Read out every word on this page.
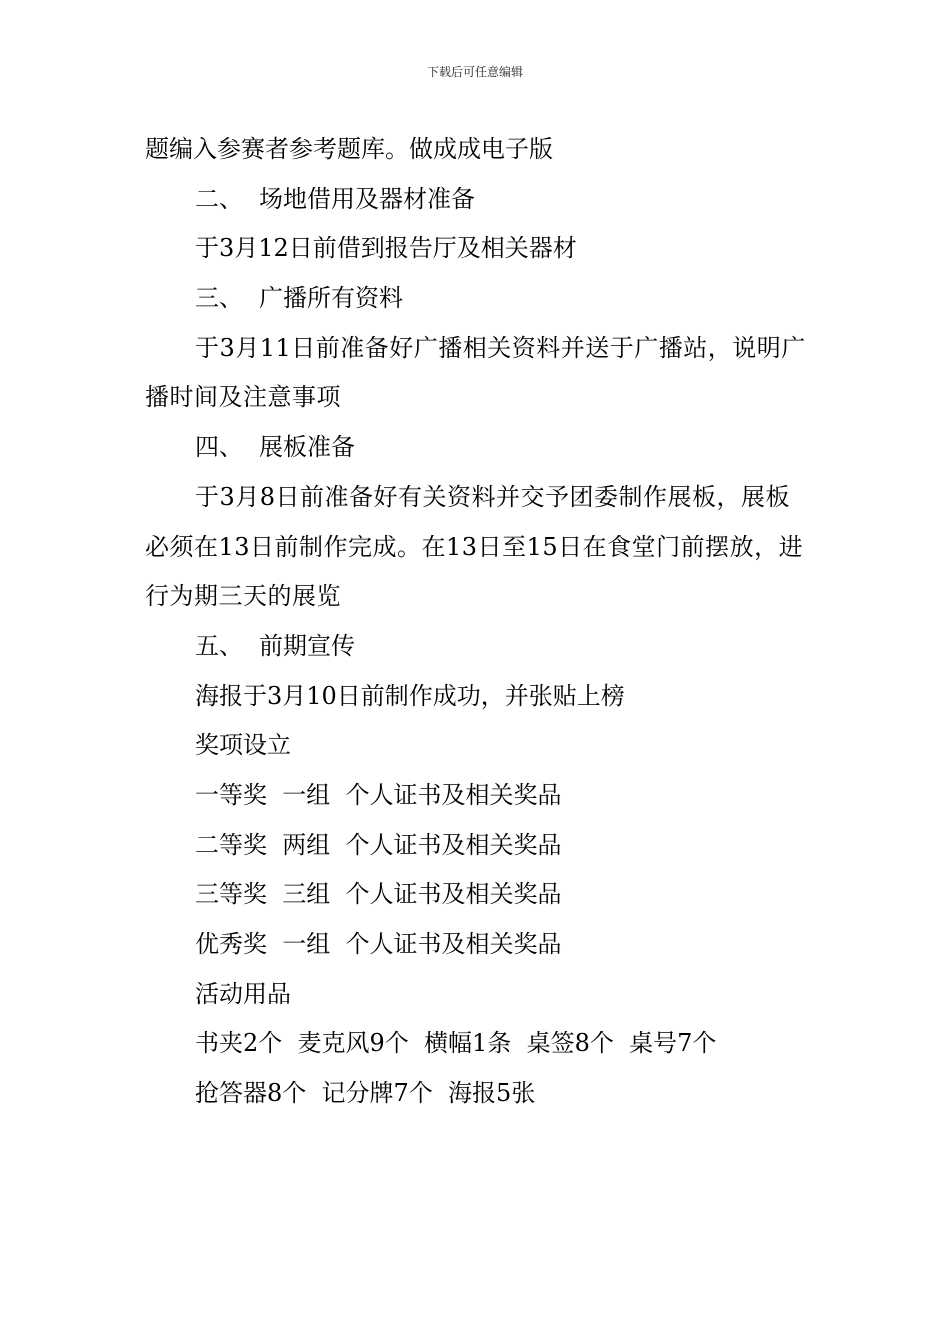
下载后可任意编辑
题编入参赛者参考题库。做成成电子版
二、 场地借用及器材准备
于3月12日前借到报告厅及相关器材
三、 广播所有资料
于3月11日前准备好广播相关资料并送于广播站，说明广播时间及注意事项
四、 展板准备
于3月8日前准备好有关资料并交予团委制作展板，展板必须在13日前制作完成。在13日至15日在食堂门前摆放，进行为期三天的展览
五、 前期宣传
海报于3月10日前制作成功，并张贴上榜
奖项设立
一等奖  一组  个人证书及相关奖品
二等奖  两组  个人证书及相关奖品
三等奖  三组  个人证书及相关奖品
优秀奖  一组  个人证书及相关奖品
活动用品
书夹2个  麦克风9个  横幅1条  桌签8个  桌号7个
抢答器8个  记分牌7个  海报5张
